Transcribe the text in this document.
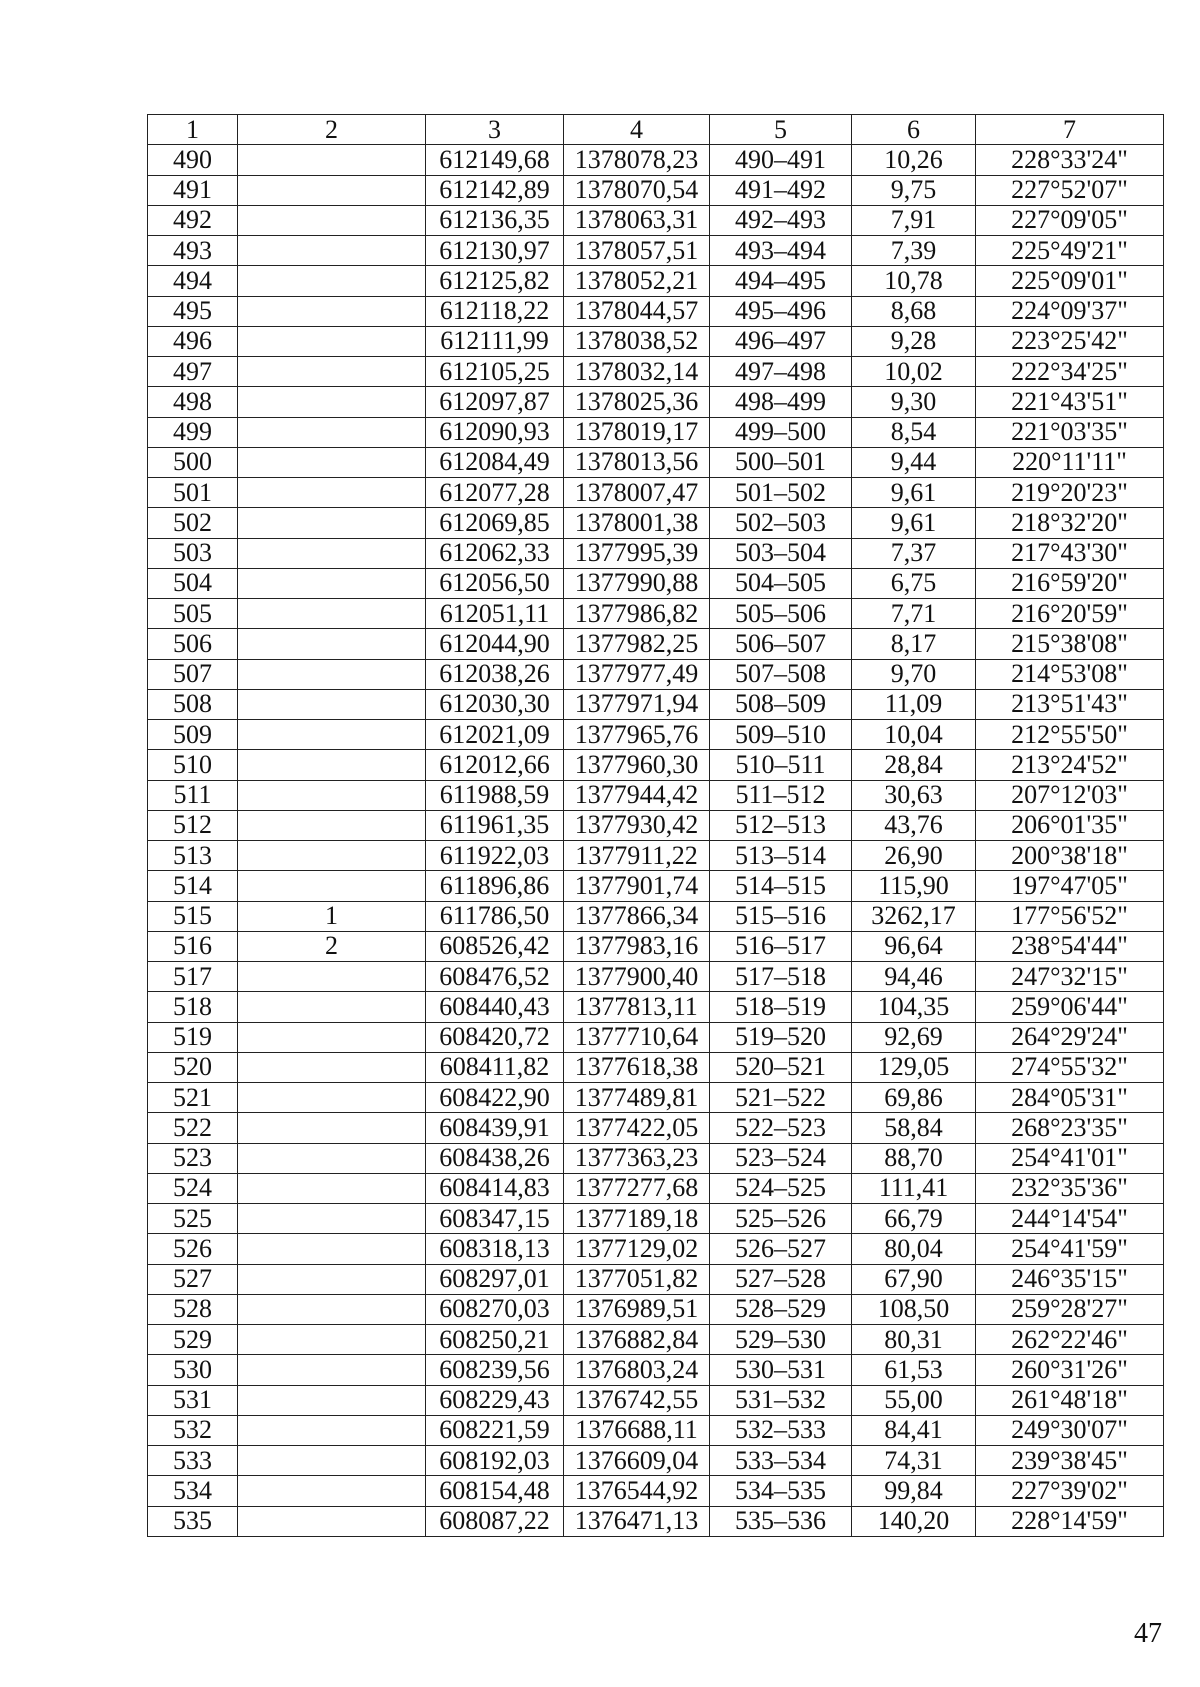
1	2	3	4	5	6	7
490		612149,68	1378078,23	490–491	10,26	228°33'24"
491		612142,89	1378070,54	491–492	9,75	227°52'07"
492		612136,35	1378063,31	492–493	7,91	227°09'05"
493		612130,97	1378057,51	493–494	7,39	225°49'21"
494		612125,82	1378052,21	494–495	10,78	225°09'01"
495		612118,22	1378044,57	495–496	8,68	224°09'37"
496		612111,99	1378038,52	496–497	9,28	223°25'42"
497		612105,25	1378032,14	497–498	10,02	222°34'25"
498		612097,87	1378025,36	498–499	9,30	221°43'51"
499		612090,93	1378019,17	499–500	8,54	221°03'35"
500		612084,49	1378013,56	500–501	9,44	220°11'11"
501		612077,28	1378007,47	501–502	9,61	219°20'23"
502		612069,85	1378001,38	502–503	9,61	218°32'20"
503		612062,33	1377995,39	503–504	7,37	217°43'30"
504		612056,50	1377990,88	504–505	6,75	216°59'20"
505		612051,11	1377986,82	505–506	7,71	216°20'59"
506		612044,90	1377982,25	506–507	8,17	215°38'08"
507		612038,26	1377977,49	507–508	9,70	214°53'08"
508		612030,30	1377971,94	508–509	11,09	213°51'43"
509		612021,09	1377965,76	509–510	10,04	212°55'50"
510		612012,66	1377960,30	510–511	28,84	213°24'52"
511		611988,59	1377944,42	511–512	30,63	207°12'03"
512		611961,35	1377930,42	512–513	43,76	206°01'35"
513		611922,03	1377911,22	513–514	26,90	200°38'18"
514		611896,86	1377901,74	514–515	115,90	197°47'05"
515	1	611786,50	1377866,34	515–516	3262,17	177°56'52"
516	2	608526,42	1377983,16	516–517	96,64	238°54'44"
517		608476,52	1377900,40	517–518	94,46	247°32'15"
518		608440,43	1377813,11	518–519	104,35	259°06'44"
519		608420,72	1377710,64	519–520	92,69	264°29'24"
520		608411,82	1377618,38	520–521	129,05	274°55'32"
521		608422,90	1377489,81	521–522	69,86	284°05'31"
522		608439,91	1377422,05	522–523	58,84	268°23'35"
523		608438,26	1377363,23	523–524	88,70	254°41'01"
524		608414,83	1377277,68	524–525	111,41	232°35'36"
525		608347,15	1377189,18	525–526	66,79	244°14'54"
526		608318,13	1377129,02	526–527	80,04	254°41'59"
527		608297,01	1377051,82	527–528	67,90	246°35'15"
528		608270,03	1376989,51	528–529	108,50	259°28'27"
529		608250,21	1376882,84	529–530	80,31	262°22'46"
530		608239,56	1376803,24	530–531	61,53	260°31'26"
531		608229,43	1376742,55	531–532	55,00	261°48'18"
532		608221,59	1376688,11	532–533	84,41	249°30'07"
533		608192,03	1376609,04	533–534	74,31	239°38'45"
534		608154,48	1376544,92	534–535	99,84	227°39'02"
535		608087,22	1376471,13	535–536	140,20	228°14'59"
47
